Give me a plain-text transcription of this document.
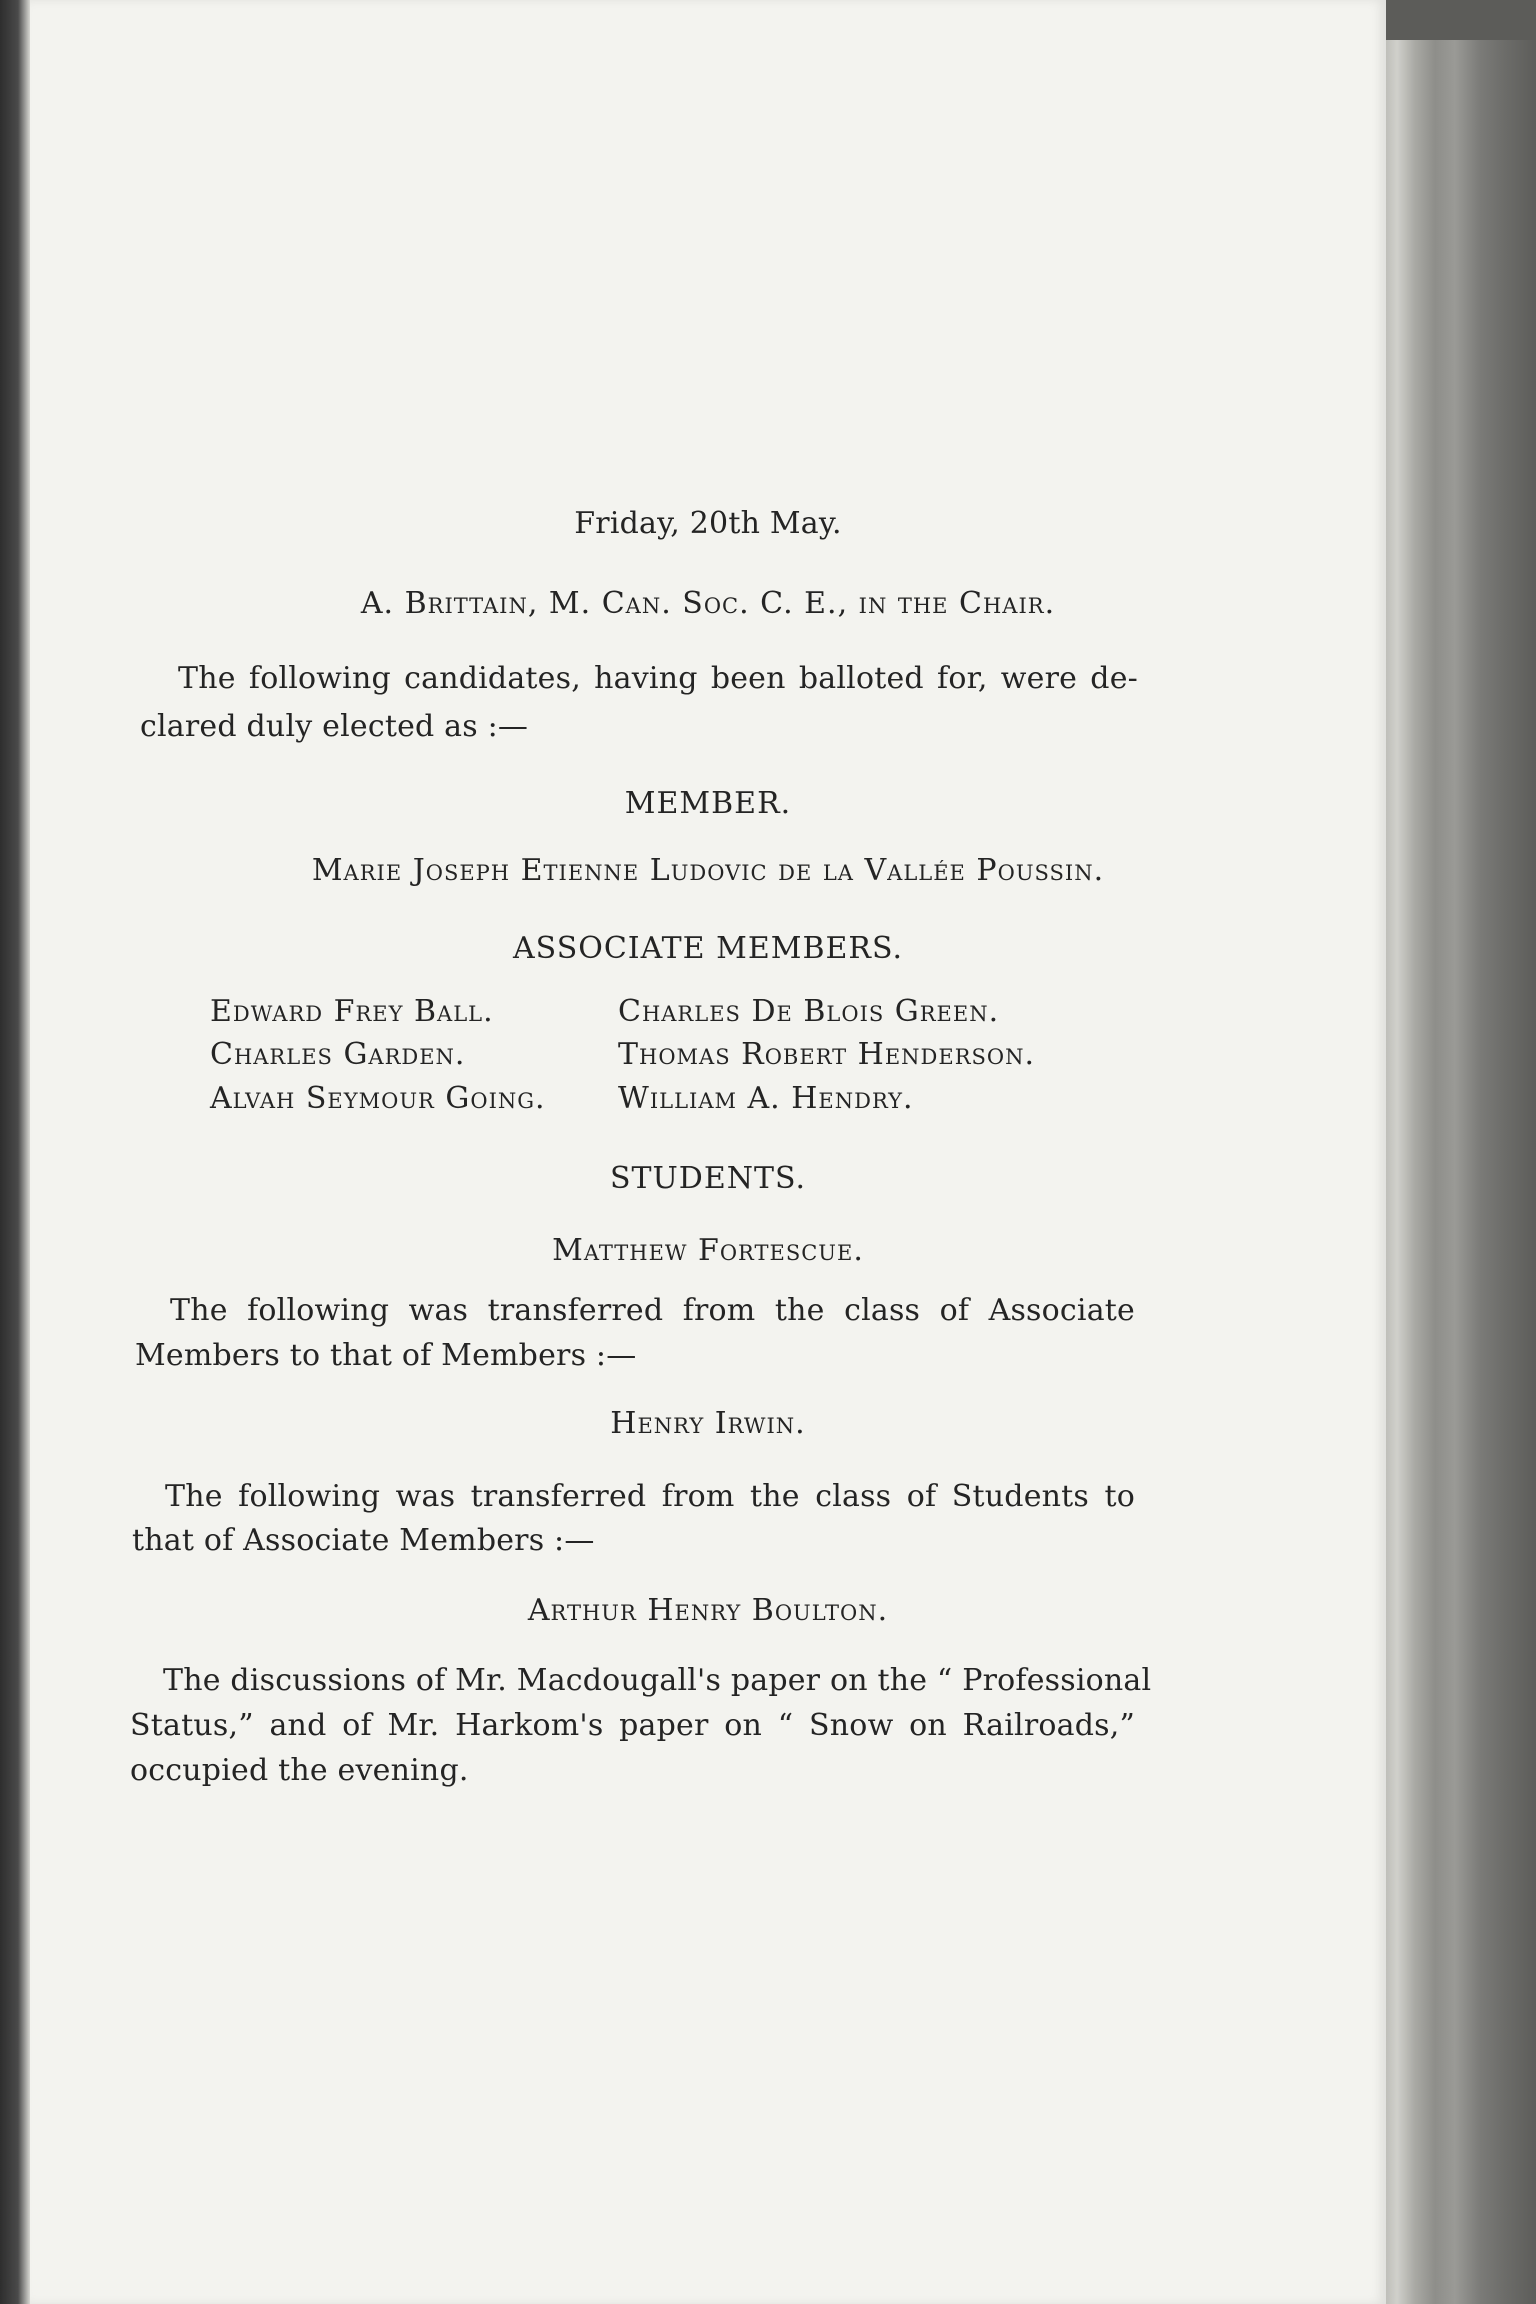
Friday, 20th May.
A. Brittain, M. Can. Soc. C. E., in the Chair.
The following candidates, having been balloted for, were de-
clared duly elected as :—
MEMBER.
Marie Joseph Etienne Ludovic de la Vallée Poussin.
ASSOCIATE MEMBERS.
Edward Frey Ball.
Charles Garden.
Alvah Seymour Going.
Charles De Blois Green.
Thomas Robert Henderson.
William A. Hendry.
STUDENTS.
Matthew Fortescue.
The following was transferred from the class of Associate
Members to that of Members :—
Henry Irwin.
The following was transferred from the class of Students to
that of Associate Members :—
Arthur Henry Boulton.
The discussions of Mr. Macdougall's paper on the “ Professional
Status,” and of Mr. Harkom's paper on “ Snow on Railroads,”
occupied the evening.
